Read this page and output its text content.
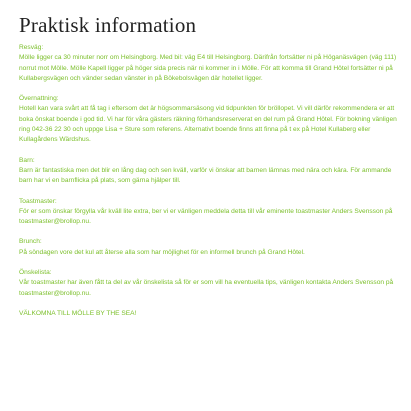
Praktisk information
Resväg:

Mölle ligger ca 30 minuter norr om Helsingborg. Med bil: väg E4 till Helsingborg. Därifrån fortsätter ni på Höganäsvägen (väg 111) norrut mot Mölle. Mölle Kapell ligger på höger sida precis när ni kommer in i Mölle. För att komma till Grand Hôtel fortsätter ni på Kullabergsvägen och vänder sedan vänster in på Bökebolsvägen där hotellet ligger.

Övernattning:

Hotell kan vara svårt att få tag i eftersom det är högsommarsäsong vid tidpunkten för bröllopet. Vi vill därför rekommendera er att boka önskat boende i god tid. Vi har för våra gästers räkning förhandsreserverat en del rum på Grand Hôtel. För bokning vänligen ring 042-36 22 30 och uppge Lisa + Sture som referens. Alternativt boende finns att finna på t ex på Hotel Kullaberg eller Kullagårdens Wärdshus.

Barn:

Barn är fantastiska men det blir en lång dag och sen kväll, varför vi önskar att barnen lämnas med nära och kära. För ammande barn har vi en barnflicka på plats, som gärna hjälper till.

Toastmaster:

För er som önskar förgylla vår kväll lite extra, ber vi er vänligen meddela detta till vår eminente toastmaster Anders Svensson på toastmaster@brollop.nu.

Brunch:

På söndagen vore det kul att återse alla som har möjlighet för en informell brunch på Grand Hôtel.

Önskelista:

Vår toastmaster har även fått ta del av vår önskelista så för er som vill ha eventuella tips, vänligen kontakta Anders Svensson på toastmaster@brollop.nu.

VÄLKOMNA TILL MÖLLE BY THE SEA!
